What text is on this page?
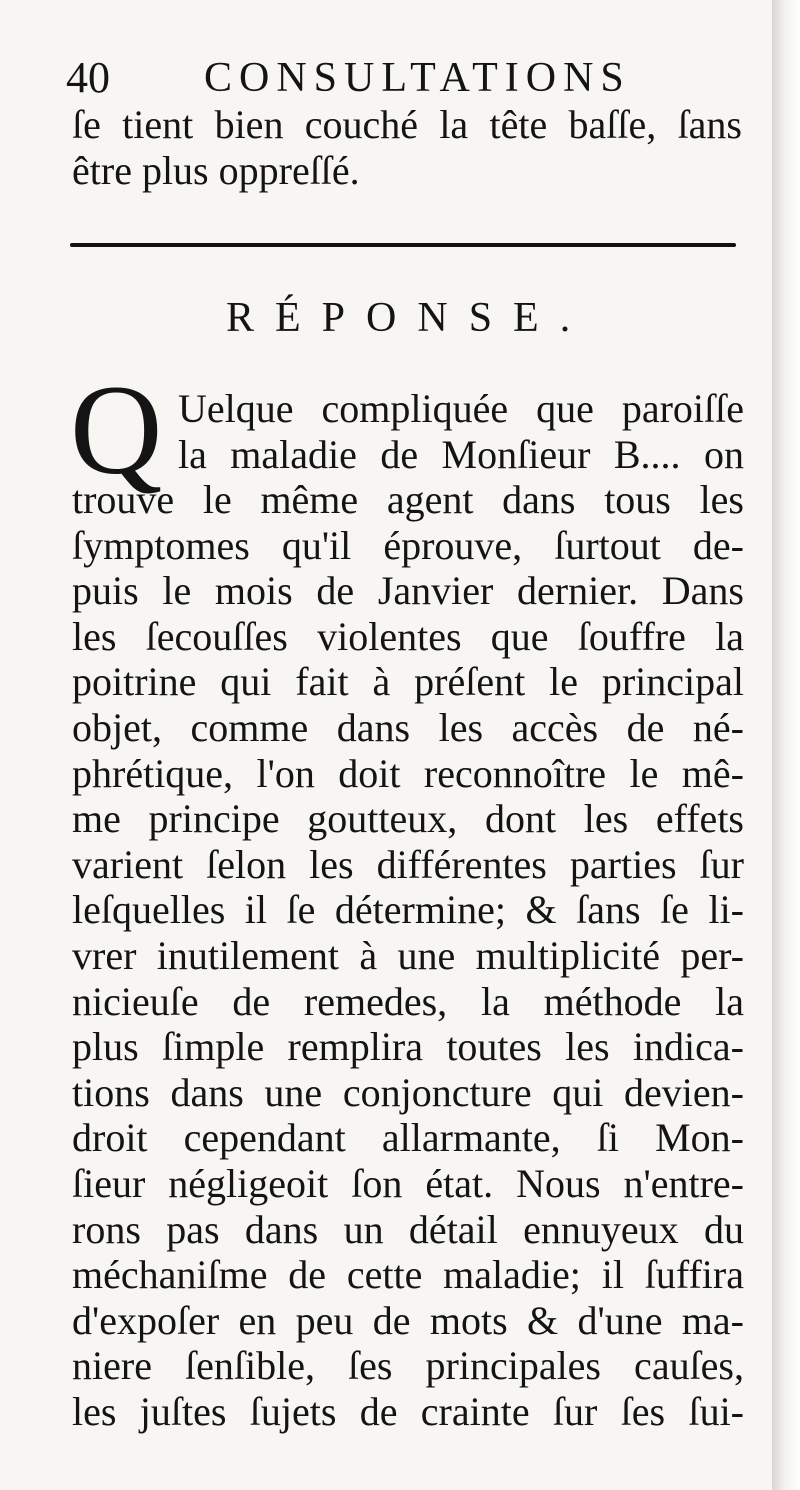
40 CONSULTATIONS
ſe tient bien couché la tête baſſe, ſans
être plus oppreſſé.
RÉPONSE.
Q Uelque compliquée que paroiſſe
la maladie de Monſieur B.... on
trouve le même agent dans tous les
ſymptomes qu'il éprouve, ſurtout de-
puis le mois de Janvier dernier. Dans
les ſecouſſes violentes que ſouffre la
poitrine qui fait à préſent le principal
objet, comme dans les accès de né-
phrétique, l'on doit reconnoître le mê-
me principe goutteux, dont les effets
varient ſelon les différentes parties ſur
leſquelles il ſe détermine; & ſans ſe li-
vrer inutilement à une multiplicité per-
nicieuſe de remedes, la méthode la
plus ſimple remplira toutes les indica-
tions dans une conjoncture qui devien-
droit cependant allarmante, ſi Mon-
ſieur négligeoit ſon état. Nous n'entre-
rons pas dans un détail ennuyeux du
méchaniſme de cette maladie; il ſuffira
d'expoſer en peu de mots & d'une ma-
niere ſenſible, ſes principales cauſes,
les juſtes ſujets de crainte ſur ſes ſui-
